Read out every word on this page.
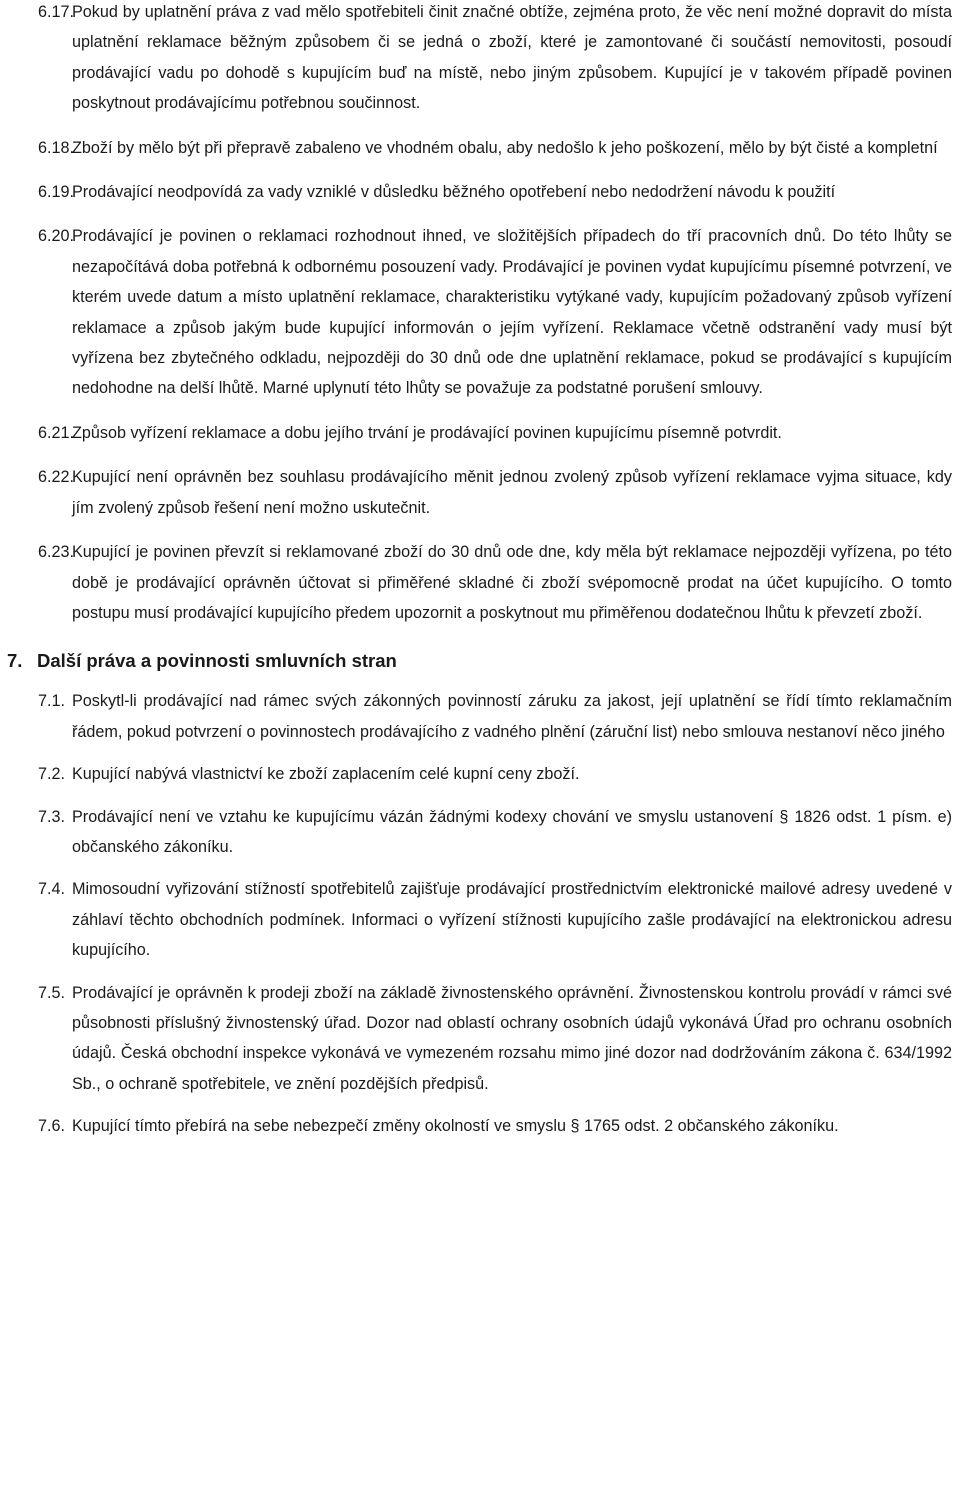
6.17.
Pokud by uplatnění práva z vad mělo spotřebiteli činit značné obtíže, zejména proto, že věc není možné dopravit do místa uplatnění reklamace běžným způsobem či se jedná o zboží, které je zamontované či součástí nemovitosti, posoudí prodávající vadu po dohodě s kupujícím buď na místě, nebo jiným způsobem. Kupující je v takovém případě povinen poskytnout prodávajícímu potřebnou součinnost.
6.18.
Zboží by mělo být při přepravě zabaleno ve vhodném obalu, aby nedošlo k jeho poškození, mělo by být čisté a kompletní
6.19.
Prodávající neodpovídá za vady vzniklé v důsledku běžného opotřebení nebo nedodržení návodu k použití
6.20.
Prodávající je povinen o reklamaci rozhodnout ihned, ve složitějších případech do tří pracovních dnů. Do této lhůty se nezapočítává doba potřebná k odbornému posouzení vady. Prodávající je povinen vydat kupujícímu písemné potvrzení, ve kterém uvede datum a místo uplatnění reklamace, charakteristiku vytýkané vady, kupujícím požadovaný způsob vyřízení reklamace a způsob jakým bude kupující informován o jejím vyřízení. Reklamace včetně odstranění vady musí být vyřízena bez zbytečného odkladu, nejpozději do 30 dnů ode dne uplatnění reklamace, pokud se prodávající s kupujícím nedohodne na delší lhůtě. Marné uplynutí této lhůty se považuje za podstatné porušení smlouvy.
6.21.
Způsob vyřízení reklamace a dobu jejího trvání je prodávající povinen kupujícímu písemně potvrdit.
6.22.
Kupující není oprávněn bez souhlasu prodávajícího měnit jednou zvolený způsob vyřízení reklamace vyjma situace, kdy jím zvolený způsob řešení není možno uskutečnit.
6.23.
Kupující je povinen převzít si reklamované zboží do 30 dnů ode dne, kdy měla být reklamace nejpozději vyřízena, po této době je prodávající oprávněn účtovat si přiměřené skladné či zboží svépomocně prodat na účet kupujícího. O tomto postupu musí prodávající kupujícího předem upozornit a poskytnout mu přiměřenou dodatečnou lhůtu k převzetí zboží.
7. Další práva a povinnosti smluvních stran
7.1. Poskytl-li prodávající nad rámec svých zákonných povinností záruku za jakost, její uplatnění se řídí tímto reklamačním řádem, pokud potvrzení o povinnostech prodávajícího z vadného plnění (záruční list) nebo smlouva nestanoví něco jiného
7.2. Kupující nabývá vlastnictví ke zboží zaplacením celé kupní ceny zboží.
7.3. Prodávající není ve vztahu ke kupujícímu vázán žádnými kodexy chování ve smyslu ustanovení § 1826 odst. 1 písm. e) občanského zákoníku.
7.4. Mimosoudní vyřizování stížností spotřebitelů zajišťuje prodávající prostřednictvím elektronické mailové adresy uvedené v záhlaví těchto obchodních podmínek. Informaci o vyřízení stížnosti kupujícího zašle prodávající na elektronickou adresu kupujícího.
7.5. Prodávající je oprávněn k prodeji zboží na základě živnostenského oprávnění. Živnostenskou kontrolu provádí v rámci své působnosti příslušný živnostenský úřad. Dozor nad oblastí ochrany osobních údajů vykonává Úřad pro ochranu osobních údajů. Česká obchodní inspekce vykonává ve vymezeném rozsahu mimo jiné dozor nad dodržováním zákona č. 634/1992 Sb., o ochraně spotřebitele, ve znění pozdějších předpisů.
7.6. Kupující tímto přebírá na sebe nebezpečí změny okolností ve smyslu § 1765 odst. 2 občanského zákoníku.
